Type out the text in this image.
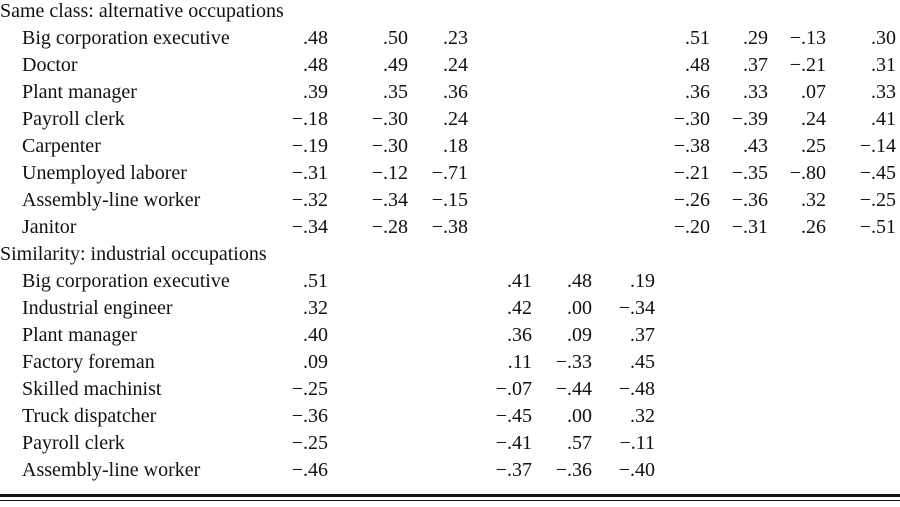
Same class: alternative occupations
Big corporation executive	.48	.50	.23	.51	.29	−.13	.30
Doctor	.48	.49	.24	.48	.37	−.21	.31
Plant manager	.39	.35	.36	.36	.33	.07	.33
Payroll clerk	−.18	−.30	.24	−.30	−.39	.24	.41
Carpenter	−.19	−.30	.18	−.38	.43	.25	−.14
Unemployed laborer	−.31	−.12	−.71	−.21	−.35	−.80	−.45
Assembly-line worker	−.32	−.34	−.15	−.26	−.36	.32	−.25
Janitor	−.34	−.28	−.38	−.20	−.31	.26	−.51
Similarity: industrial occupations
Big corporation executive	.51	.41	.48	.19
Industrial engineer	.32	.42	.00	−.34
Plant manager	.40	.36	.09	.37
Factory foreman	.09	.11	−.33	.45
Skilled machinist	−.25	−.07	−.44	−.48
Truck dispatcher	−.36	−.45	.00	.32
Payroll clerk	−.25	−.41	.57	−.11
Assembly-line worker	−.46	−.37	−.36	−.40
